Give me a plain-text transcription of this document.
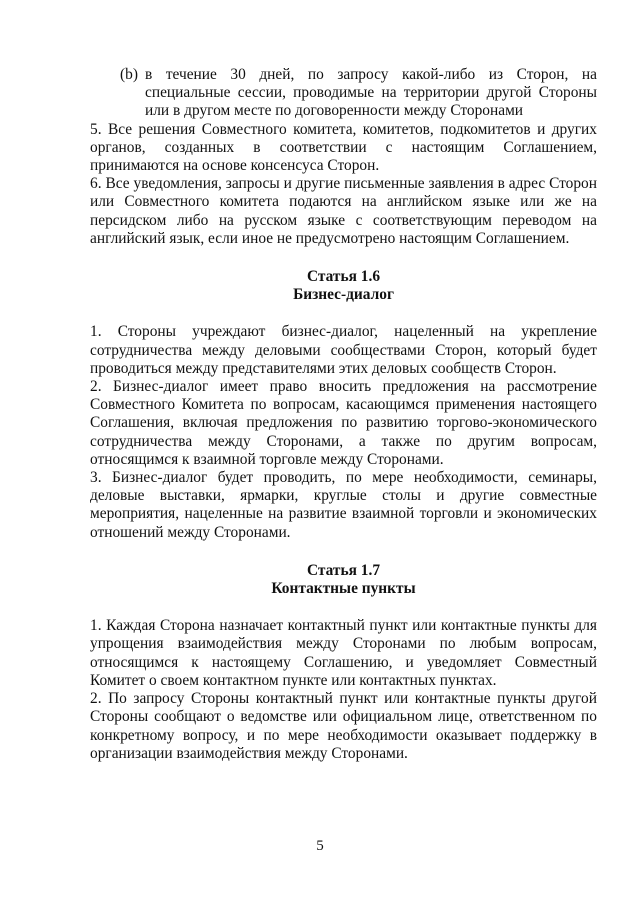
(b) в течение 30 дней, по запросу какой-либо из Сторон, на специальные сессии, проводимые на территории другой Стороны или в другом месте по договоренности между Сторонами

5. Все решения Совместного комитета, комитетов, подкомитетов и других органов, созданных в соответствии с настоящим Соглашением, принимаются на основе консенсуса Сторон.

6. Все уведомления, запросы и другие письменные заявления в адрес Сторон или Совместного комитета подаются на английском языке или же на персидском либо на русском языке с соответствующим переводом на английский язык, если иное не предусмотрено настоящим Соглашением.

Статья 1.6

Бизнес-диалог

1. Стороны учреждают бизнес-диалог, нацеленный на укрепление сотрудничества между деловыми сообществами Сторон, который будет проводиться между представителями этих деловых сообществ Сторон.

2. Бизнес-диалог имеет право вносить предложения на рассмотрение Совместного Комитета по вопросам, касающимся применения настоящего Соглашения, включая предложения по развитию торгово-экономического сотрудничества между Сторонами, а также по другим вопросам, относящимся к взаимной торговле между Сторонами.

3. Бизнес-диалог будет проводить, по мере необходимости, семинары, деловые выставки, ярмарки, круглые столы и другие совместные мероприятия, нацеленные на развитие взаимной торговли и экономических отношений между Сторонами.

Статья 1.7

Контактные пункты

1. Каждая Сторона назначает контактный пункт или контактные пункты для упрощения взаимодействия между Сторонами по любым вопросам, относящимся к настоящему Соглашению, и уведомляет Совместный Комитет о своем контактном пункте или контактных пунктах.

2. По запросу Стороны контактный пункт или контактные пункты другой Стороны сообщают о ведомстве или официальном лице, ответственном по конкретному вопросу, и по мере необходимости оказывает поддержку в организации взаимодействия между Сторонами.

5
